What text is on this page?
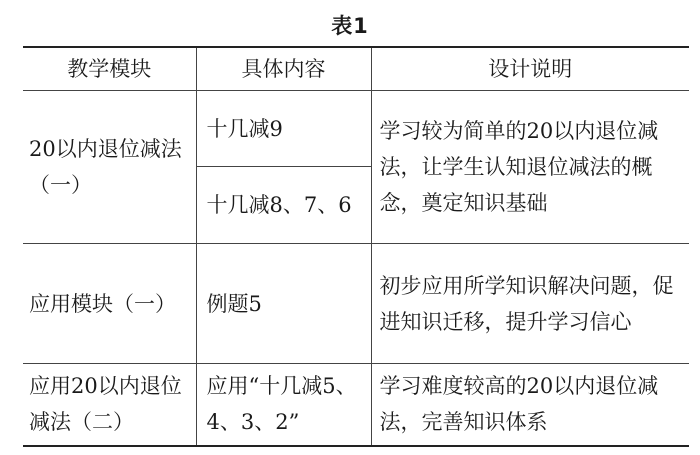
表1
教学模块	具体内容	设计说明
20以内退位减法（一）	十几减9	学习较为简单的20以内退位减法，让学生认知退位减法的概念，奠定知识基础
	十几减8、7、6	
应用模块（一）	例题5	初步应用所学知识解决问题，促进知识迁移，提升学习信心
应用20以内退位减法（二）	应用“十几减5、4、3、2”	学习难度较高的20以内退位减法，完善知识体系
